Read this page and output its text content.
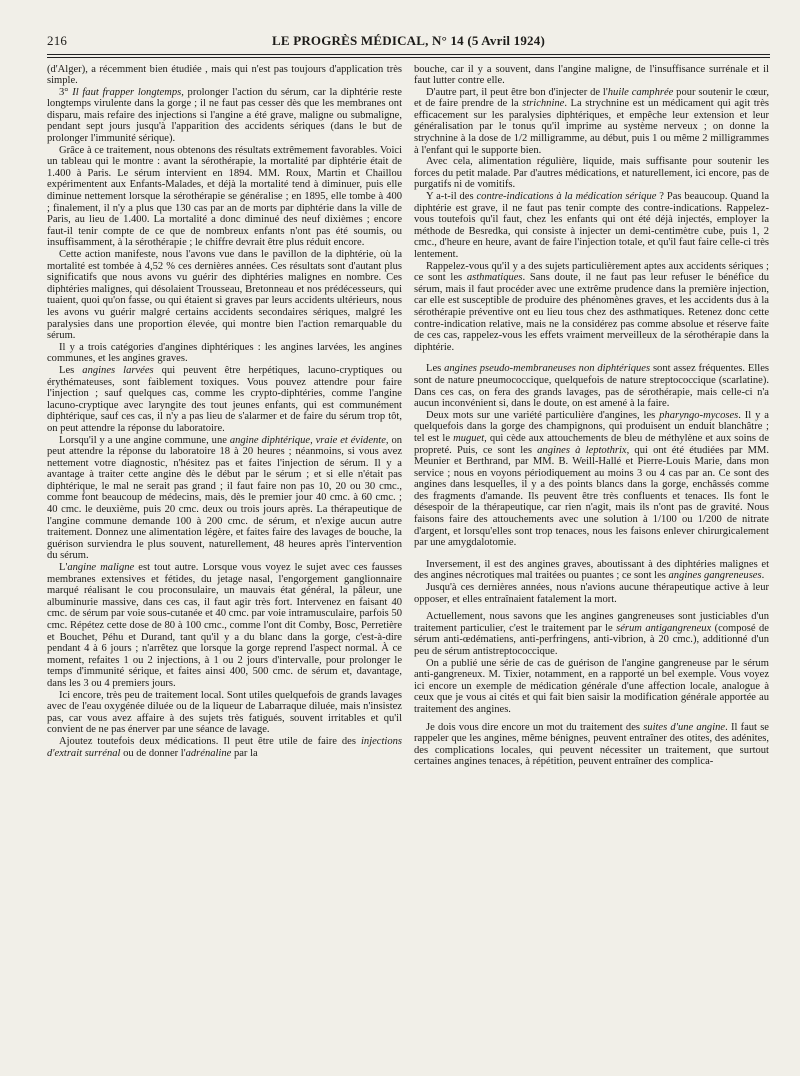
216	LE PROGRÈS MÉDICAL, N° 14 (5 Avril 1924)

(d'Alger), a récemment bien étudiée , mais qui n'est pas toujours d'application très simple.

3° Il faut frapper longtemps, prolonger l'action du sérum, car la diphtérie reste longtemps virulente dans la gorge ; il ne faut pas cesser dès que les membranes ont disparu, mais refaire des injections si l'angine a été grave, maligne ou submaligne, pendant sept jours jusqu'à l'apparition des accidents sériques (dans le but de prolonger l'immunité sérique).

Grâce à ce traitement, nous obtenons des résultats extrêmement favorables. Voici un tableau qui le montre : avant la sérothérapie, la mortalité par diphtérie était de 1.400 à Paris. Le sérum intervient en 1894. MM. Roux, Martin et Chaillou expérimentent aux Enfants-Malades, et déjà la mortalité tend à diminuer, puis elle diminue nettement lorsque la sérothérapie se généralise ; en 1895, elle tombe à 400 ; finalement, il n'y a plus que 130 cas par an de morts par diphtérie dans la ville de Paris, au lieu de 1.400. La mortalité a donc diminué des neuf dixièmes ; encore faut-il tenir compte de ce que de nombreux enfants n'ont pas été soumis, ou insuffisamment, à la sérothérapie ; le chiffre devrait être plus réduit encore.

Cette action manifeste, nous l'avons vue dans le pavillon de la diphtérie, où la mortalité est tombée à 4,52 % ces dernières années. Ces résultats sont d'autant plus significatifs que nous avons vu guérir des diphtéries malignes en nombre. Ces diphtéries malignes, qui désolaient Trousseau, Bretonneau et nos prédécesseurs, qui tuaient, quoi qu'on fasse, ou qui étaient si graves par leurs accidents ultérieurs, nous les avons vu guérir malgré certains accidents secondaires sériques, malgré les paralysies dans une proportion élevée, qui montre bien l'action remarquable du sérum.

Il y a trois catégories d'angines diphtériques : les angines larvées, les angines communes, et les angines graves.

Les angines larvées qui peuvent être herpétiques, lacuno-cryptiques ou érythémateuses, sont faiblement toxiques. Vous pouvez attendre pour faire l'injection ; sauf quelques cas, comme les crypto-diphtéries, comme l'angine lacuno-cryptique avec laryngite des tout jeunes enfants, qui est communément diphtérique, sauf ces cas, il n'y a pas lieu de s'alarmer et de faire du sérum trop tôt, on peut attendre la réponse du laboratoire.

Lorsqu'il y a une angine commune, une angine diphtérique, vraie et évidente, on peut attendre la réponse du laboratoire 18 à 20 heures ; néanmoins, si vous avez nettement votre diagnostic, n'hésitez pas et faites l'injection de sérum. Il y a avantage à traiter cette angine dès le début par le sérum ; et si elle n'était pas diphtérique, le mal ne serait pas grand ; il faut faire non pas 10, 20 ou 30 cmc., comme font beaucoup de médecins, mais, dès le premier jour 40 cmc. à 60 cmc. ; 40 cmc. le deuxième, puis 20 cmc. deux ou trois jours après. La thérapeutique de l'angine commune demande 100 à 200 cmc. de sérum, et n'exige aucun autre traitement. Donnez une alimentation légère, et faites faire des lavages de bouche, la guérison surviendra le plus souvent, naturellement, 48 heures après l'intervention du sérum.

L'angine maligne est tout autre. Lorsque vous voyez le sujet avec ces fausses membranes extensives et fétides, du jetage nasal, l'engorgement ganglionnaire marqué réalisant le cou proconsulaire, un mauvais état général, la pâleur, une albuminurie massive, dans ces cas, il faut agir très fort. Intervenez en faisant 40 cmc. de sérum par voie sous-cutanée et 40 cmc. par voie intramusculaire, parfois 50 cmc. Répétez cette dose de 80 à 100 cmc., comme l'ont dit Comby, Bosc, Perretière et Bouchet, Péhu et Durand, tant qu'il y a du blanc dans la gorge, c'est-à-dire pendant 4 à 6 jours ; n'arrêtez que lorsque la gorge reprend l'aspect normal. À ce moment, refaites 1 ou 2 injections, à 1 ou 2 jours d'intervalle, pour prolonger le temps d'immunité sérique, et faites ainsi 400, 500 cmc. de sérum et, davantage, dans les 3 ou 4 premiers jours.

Ici encore, très peu de traitement local. Sont utiles quelquefois de grands lavages avec de l'eau oxygénée diluée ou de la liqueur de Labarraque diluée, mais n'insistez pas, car vous avez affaire à des sujets très fatigués, souvent irritables et qu'il convient de ne pas énerver par une séance de lavage.

Ajoutez toutefois deux médications. Il peut être utile de faire des injections d'extrait surrénal ou de donner l'adrénaline par la

bouche, car il y a souvent, dans l'angine maligne, de l'insuffisance surrénale et il faut lutter contre elle.

D'autre part, il peut être bon d'injecter de l'huile camphrée pour soutenir le cœur, et de faire prendre de la strichnine. La strychnine est un médicament qui agit très efficacement sur les paralysies diphtériques, et empêche leur extension et leur généralisation par le tonus qu'il imprime au système nerveux ; on donne la strychnine à la dose de 1/2 milligramme, au début, puis 1 ou même 2 milligrammes à l'enfant qui le supporte bien.

Avec cela, alimentation régulière, liquide, mais suffisante pour soutenir les forces du petit malade. Par d'autres médications, et naturellement, ici encore, pas de purgatifs ni de vomitifs.

Y a-t-il des contre-indications à la médication sérique ? Pas beaucoup. Quand la diphtérie est grave, il ne faut pas tenir compte des contre-indications. Rappelez-vous toutefois qu'il faut, chez les enfants qui ont été déjà injectés, employer la méthode de Besredka, qui consiste à injecter un demi-centimètre cube, puis 1, 2 cmc., d'heure en heure, avant de faire l'injection totale, et qu'il faut faire celle-ci très lentement.

Rappelez-vous qu'il y a des sujets particulièrement aptes aux accidents sériques ; ce sont les asthmatiques. Sans doute, il ne faut pas leur refuser le bénéfice du sérum, mais il faut procéder avec une extrême prudence dans la première injection, car elle est susceptible de produire des phénomènes graves, et les accidents dus à la sérothérapie préventive ont eu lieu tous chez des asthmatiques. Retenez donc cette contre-indication relative, mais ne la considérez pas comme absolue et réserve faite de ces cas, rappelez-vous les effets vraiment merveilleux de la sérothérapie dans la diphtérie.

Les angines pseudo-membraneuses non diphtériques sont assez fréquentes. Elles sont de nature pneumococcique, quelquefois de nature streptococcique (scarlatine). Dans ces cas, on fera des grands lavages, pas de sérothérapie, mais celle-ci n'a aucun inconvénient si, dans le doute, on est amené à la faire.

Deux mots sur une variété particulière d'angines, les pharyngo-mycoses. Il y a quelquefois dans la gorge des champignons, qui produisent un enduit blanchâtre ; tel est le muguet, qui cède aux attouchements de bleu de méthylène et aux soins de propreté. Puis, ce sont les angines à leptothrix, qui ont été étudiées par MM. Meunier et Berthrand, par MM. B. Weill-Hallé et Pierre-Louis Marie, dans mon service ; nous en voyons périodiquement au moins 3 ou 4 cas par an. Ce sont des angines dans lesquelles, il y a des points blancs dans la gorge, enchâssés comme des fragments d'amande. Ils peuvent être très confluents et tenaces. Ils font le désespoir de la thérapeutique, car rien n'agit, mais ils n'ont pas de gravité. Nous faisons faire des attouchements avec une solution à 1/100 ou 1/200 de nitrate d'argent, et lorsqu'elles sont trop tenaces, nous les faisons enlever chirurgicalement par une amygdalotomie.

Inversement, il est des angines graves, aboutissant à des diphtéries malignes et des angines nécrotiques mal traitées ou puantes ; ce sont les angines gangreneuses.

Jusqu'à ces dernières années, nous n'avions aucune thérapeutique active à leur opposer, et elles entraînaient fatalement la mort.

Actuellement, nous savons que les angines gangreneuses sont justiciables d'un traitement particulier, c'est le traitement par le sérum antigangreneux (composé de sérum anti-œdématiens, anti-perfringens, anti-vibrion, à 20 cmc.), additionné d'un peu de sérum antistreptococcique.

On a publié une série de cas de guérison de l'angine gangreneuse par le sérum anti-gangreneux. M. Tixier, notamment, en a rapporté un bel exemple. Vous voyez ici encore un exemple de médication générale d'une affection locale, analogue à ceux que je vous ai cités et qui fait bien saisir la modification générale apportée au traitement des angines.

Je dois vous dire encore un mot du traitement des suites d'une angine. Il faut se rappeler que les angines, même bénignes, peuvent entraîner des otites, des adénites, des complications locales, qui peuvent nécessiter un traitement, que surtout certaines angines tenaces, à répétition, peuvent entraîner des complica-
